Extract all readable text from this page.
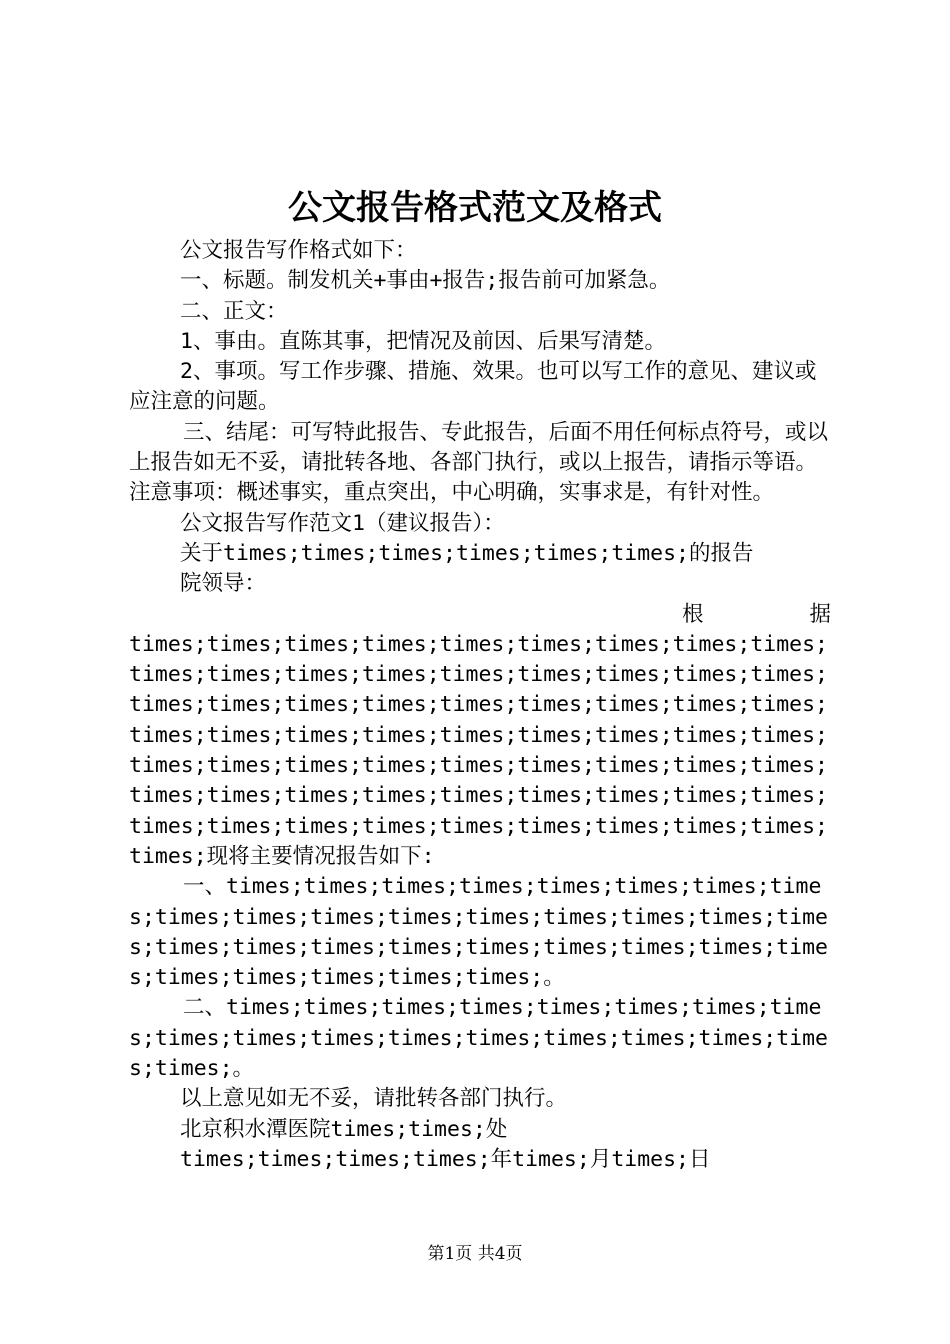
公文报告格式范文及格式

公文报告写作格式如下：

一、标题。制发机关+事由+报告;报告前可加紧急。

二、正文：

1、事由。直陈其事，把情况及前因、后果写清楚。

2、事项。写工作步骤、措施、效果。也可以写工作的意见、建议或应注意的问题。

三、结尾：可写特此报告、专此报告，后面不用任何标点符号，或以上报告如无不妥，请批转各地、各部门执行，或以上报告，请指示等语。注意事项：概述事实，重点突出，中心明确，实事求是，有针对性。

公文报告写作范文1（建议报告）：

关于times;times;times;times;times;times;的报告

院领导：

根	据

times;times;times;times;times;times;times;times;times;times;times;times;times;times;times;times;times;times;times;times;times;times;times;times;times;times;times;times;times;times;times;times;times;times;times;times;times;times;times;times;times;times;times;times;times;times;times;times;times;times;times;times;times;times;times;times;times;times;times;times;times;times;times;times;现将主要情况报告如下:

一、times;times;times;times;times;times;times;times;times;times;times;times;times;times;times;times;times;times;times;times;times;times;times;times;times;times;times;times;times;times;times;。

二、times;times;times;times;times;times;times;times;times;times;times;times;times;times;times;times;times;times;。

以上意见如无不妥，请批转各部门执行。

北京积水潭医院times;times;处

times;times;times;times;年times;月times;日

第1页 共4页
